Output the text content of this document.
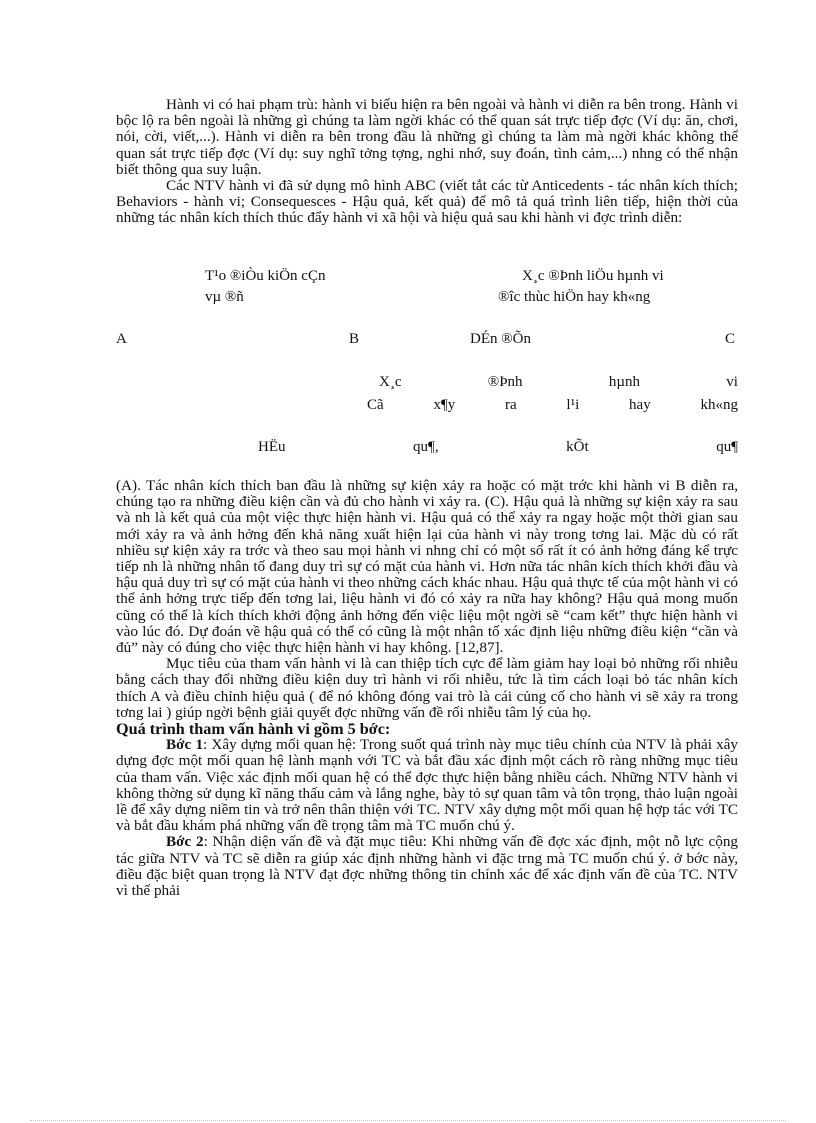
Hành vi có hai phạm trù: hành vi biểu hiện ra bên ngoài và hành vi diễn ra bên trong. Hành vi bộc lộ ra bên ngoài là những gì chúng ta làm ngời khác có thể quan sát trực tiếp đợc (Ví dụ: ăn, chơi, nói, cời, viết,...). Hành vi diễn ra bên trong đầu là những gì chúng ta làm mà ngời khác không thể quan sát trực tiếp đợc (Ví dụ: suy nghĩ tởng tợng, nghi nhớ, suy đoán, tình cảm,...) nhng có thể nhận biết thông qua suy luận.

Các NTV hành vi đã sử dụng mô hình ABC (viết tắt các từ Anticedents - tác nhân kích thích; Behaviors - hành vi; Consequesces - Hậu quả, kết quả) để mô tả quá trình liên tiếp, hiện thời của những tác nhân kích thích thúc đẩy hành vi xã hội và hiệu quả sau khi hành vi đợc trình diễn:

T¹o ®iÒu kiÖn cÇn	X¸c ®Þnh liÖu hµnh vi
vµ ®ñ	®îc thùc hiÖn hay kh«ng
A	B	DÉn ®Õn	C
X¸c	®Þnh	hµnh	vi
Cã	x¶y	ra	l¹i	hay	kh«ng
HËu	qu¶,	kÕt	qu¶

(A). Tác nhân kích thích ban đầu là những sự kiện xảy ra hoặc có mặt trớc khi hành vi B diễn ra, chúng tạo ra những điều kiện cần và đủ cho hành vi xảy ra. (C). Hậu quả là những sự kiện xảy ra sau và nh là kết quả của một việc thực hiện hành vi. Hậu quả có thể xảy ra ngay hoặc một thời gian sau mới xảy ra và ảnh hởng đến khả năng xuất hiện lại của hành vi này trong tơng lai. Mặc dù có rất nhiều sự kiện xảy ra trớc và theo sau mọi hành vi nhng chỉ có một số rất ít có ảnh hởng đáng kể trực tiếp nh là những nhân tố đang duy trì sự có mặt của hành vi. Hơn nữa tác nhân kích thích khởi đầu và hậu quả duy trì sự có mặt của hành vi theo những cách khác nhau. Hậu quả thực tế của một hành vi có thể ảnh hởng trực tiếp đến tơng lai, liệu hành vi đó có xảy ra nữa hay không? Hậu quả mong muốn cũng có thể là kích thích khởi động ảnh hởng đến việc liệu một ngời sẽ “cam kết” thực hiện hành vi vào lúc đó. Dự đoán về hậu quả có thể có cũng là một nhân tố xác định liệu những điều kiện “cần và đủ” này có đúng cho việc thực hiện hành vi hay không. [12,87].

Mục tiêu của tham vấn hành vi là can thiệp tích cực để làm giảm hay loại bỏ những rối nhiễu bằng cách thay đổi những điều kiện duy trì hành vi rối nhiễu, tức là tìm cách loại bỏ tác nhân kích thích A và điều chỉnh hiệu quả ( để nó không đóng vai trò là cái củng cố cho hành vi sẽ xảy ra trong tơng lai ) giúp ngời bệnh giải quyết đợc những vấn đề rối nhiễu tâm lý của họ.

Quá trình tham vấn hành vi gồm 5 bớc:

Bớc 1: Xây dựng mối quan hệ: Trong suốt quá trình này mục tiêu chính của NTV là phải xây dựng đợc một mối quan hệ lành mạnh với TC và bắt đầu xác định một cách rõ ràng những mục tiêu của tham vấn. Việc xác định mối quan hệ có thể đợc thực hiện bằng nhiều cách. Những NTV hành vi không thờng sử dụng kĩ năng thấu cảm và lắng nghe, bày tỏ sự quan tâm và tôn trọng, thảo luận ngoài lề để xây dựng niềm tin và trở nên thân thiện với TC. NTV xây dựng một mối quan hệ hợp tác với TC và bắt đầu khám phá những vấn đề trọng tâm mà TC muốn chú ý.

Bớc 2: Nhận diện vấn đề và đặt mục tiêu: Khi những vấn đề đợc xác định, một nỗ lực cộng tác giữa NTV và TC sẽ diễn ra giúp xác định những hành vi đặc trng mà TC muốn chú ý. ở bớc này, điều đặc biệt quan trọng là NTV đạt đợc những thông tin chính xác để xác định vấn đề của TC. NTV vì thế phải
